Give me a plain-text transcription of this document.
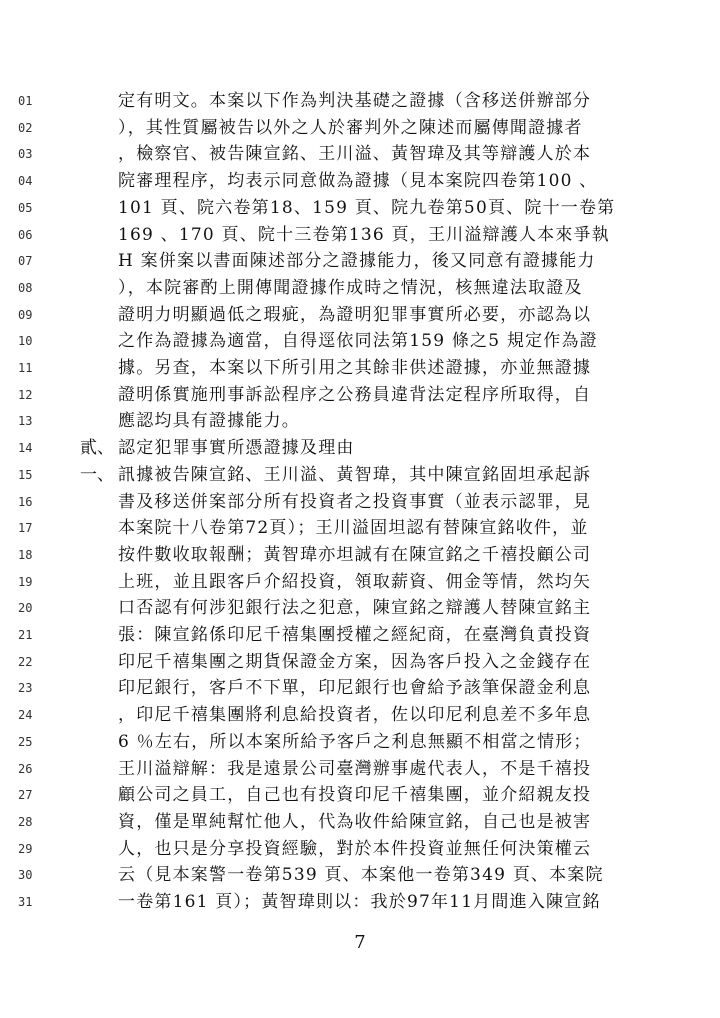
01	定有明文。本案以下作為判決基礎之證據（含移送併辦部分
02	），其性質屬被告以外之人於審判外之陳述而屬傳聞證據者
03	，檢察官、被告陳宣銘、王川溢、黃智瑋及其等辯護人於本
04	院審理程序，均表示同意做為證據（見本案院四卷第100 、
05	101 頁、院六卷第18、159 頁、院九卷第50頁、院十一卷第
06	169 、170 頁、院十三卷第136 頁，王川溢辯護人本來爭執
07	H 案併案以書面陳述部分之證據能力，後又同意有證據能力
08	），本院審酌上開傳聞證據作成時之情況，核無違法取證及
09	證明力明顯過低之瑕疵，為證明犯罪事實所必要，亦認為以
10	之作為證據為適當，自得逕依同法第159 條之5 規定作為證
11	據。另查，本案以下所引用之其餘非供述證據，亦並無證據
12	證明係實施刑事訴訟程序之公務員違背法定程序所取得，自
13	應認均具有證據能力。
14	貳、 認定犯罪事實所憑證據及理由
15	一、 訊據被告陳宣銘、王川溢、黃智瑋，其中陳宣銘固坦承起訴
16	書及移送併案部分所有投資者之投資事實（並表示認罪，見
17	本案院十八卷第72頁）；王川溢固坦認有替陳宣銘收件，並
18	按件數收取報酬；黃智瑋亦坦誠有在陳宣銘之千禧投顧公司
19	上班，並且跟客戶介紹投資，領取薪資、佣金等情，然均矢
20	口否認有何涉犯銀行法之犯意，陳宣銘之辯護人替陳宣銘主
21	張：陳宣銘係印尼千禧集團授權之經紀商，在臺灣負責投資
22	印尼千禧集團之期貨保證金方案，因為客戶投入之金錢存在
23	印尼銀行，客戶不下單，印尼銀行也會給予該筆保證金利息
24	，印尼千禧集團將利息給投資者，佐以印尼利息差不多年息
25	6 ％左右，所以本案所給予客戶之利息無顯不相當之情形；
26	王川溢辯解：我是遠景公司臺灣辦事處代表人，不是千禧投
27	顧公司之員工，自己也有投資印尼千禧集團，並介紹親友投
28	資，僅是單純幫忙他人，代為收件給陳宣銘，自己也是被害
29	人，也只是分享投資經驗，對於本件投資並無任何決策權云
30	云（見本案警一卷第539 頁、本案他一卷第349 頁、本案院
31	一卷第161 頁）；黃智瑋則以：我於97年11月間進入陳宣銘
7
